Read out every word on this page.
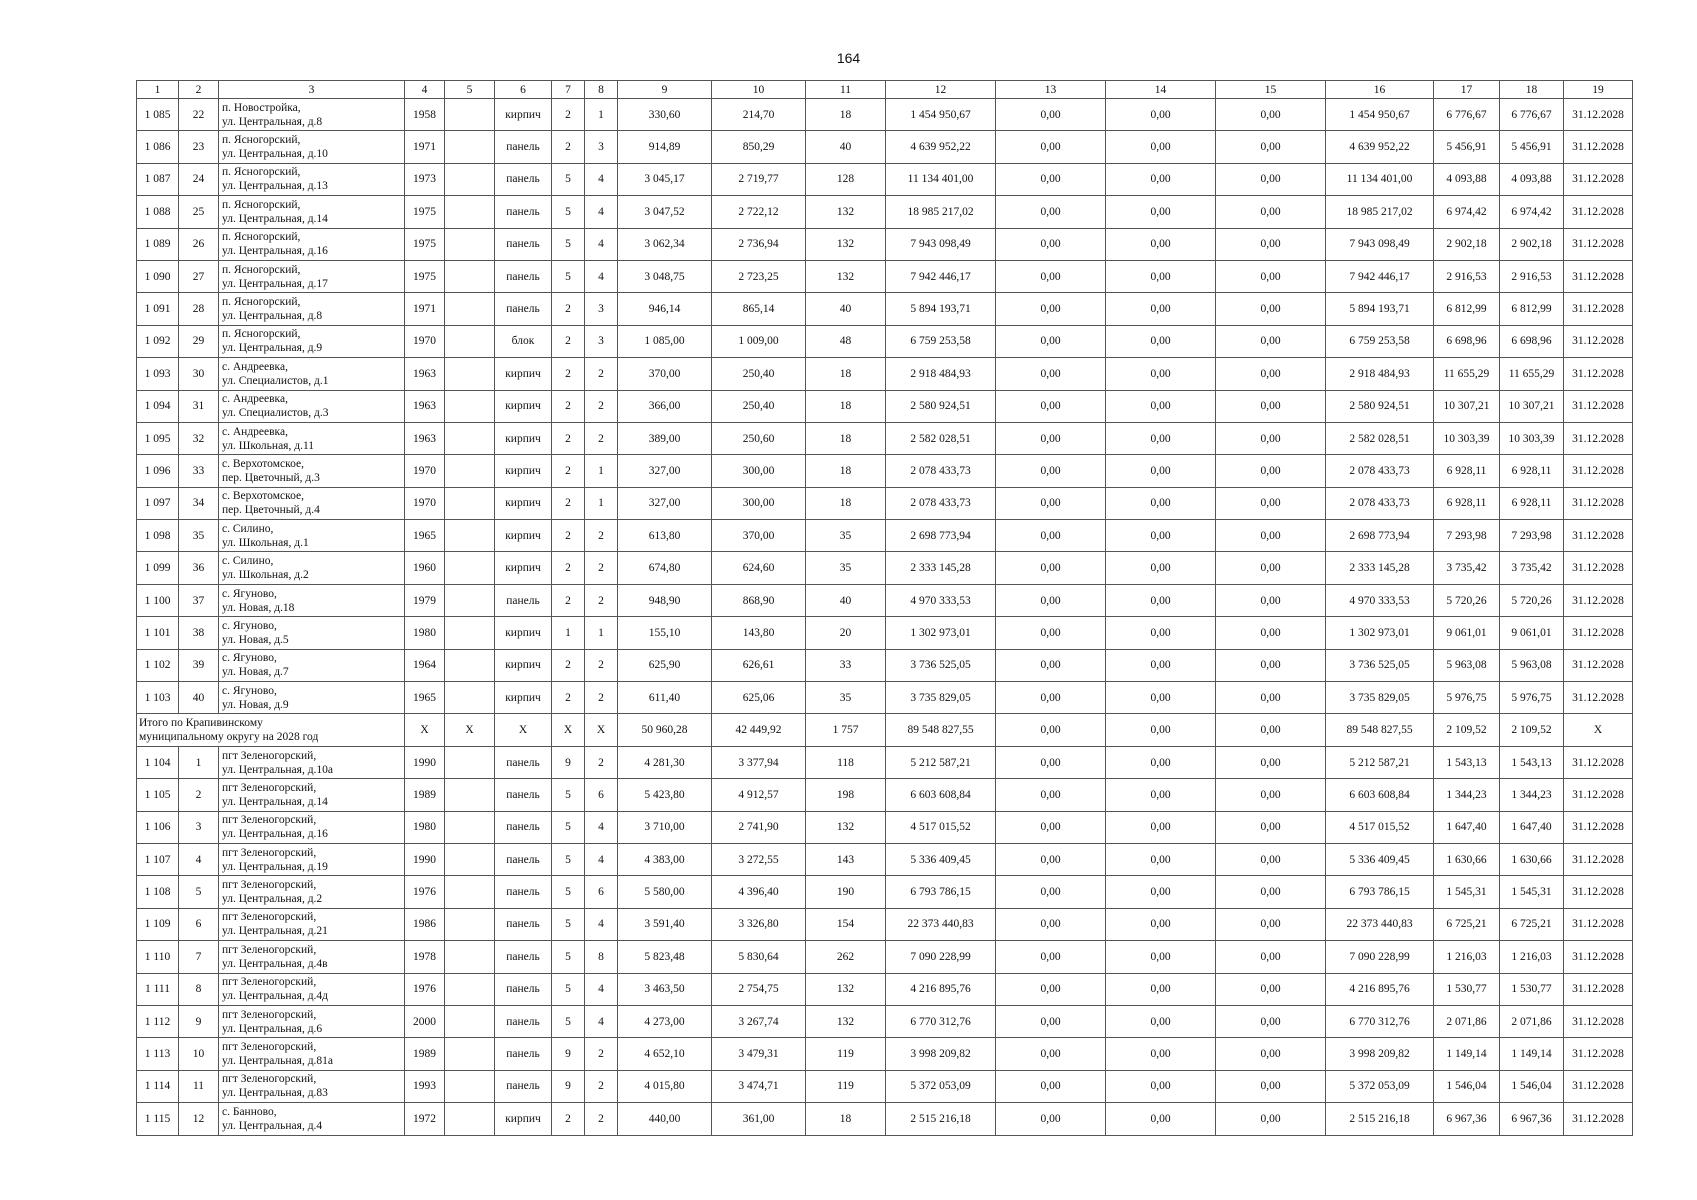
164
1	2	3	4	5	6	7	8	9	10	11	12	13	14	15	16	17	18	19
1 085	22	п. Новостройка,
ул. Центральная, д.8	1958		кирпич	2	1	330,60	214,70	18	1 454 950,67	0,00	0,00	0,00	1 454 950,67	6 776,67	6 776,67	31.12.2028
1 086	23	п. Ясногорский,
ул. Центральная, д.10	1971		панель	2	3	914,89	850,29	40	4 639 952,22	0,00	0,00	0,00	4 639 952,22	5 456,91	5 456,91	31.12.2028
1 087	24	п. Ясногорский,
ул. Центральная, д.13	1973		панель	5	4	3 045,17	2 719,77	128	11 134 401,00	0,00	0,00	0,00	11 134 401,00	4 093,88	4 093,88	31.12.2028
1 088	25	п. Ясногорский,
ул. Центральная, д.14	1975		панель	5	4	3 047,52	2 722,12	132	18 985 217,02	0,00	0,00	0,00	18 985 217,02	6 974,42	6 974,42	31.12.2028
1 089	26	п. Ясногорский,
ул. Центральная, д.16	1975		панель	5	4	3 062,34	2 736,94	132	7 943 098,49	0,00	0,00	0,00	7 943 098,49	2 902,18	2 902,18	31.12.2028
1 090	27	п. Ясногорский,
ул. Центральная, д.17	1975		панель	5	4	3 048,75	2 723,25	132	7 942 446,17	0,00	0,00	0,00	7 942 446,17	2 916,53	2 916,53	31.12.2028
1 091	28	п. Ясногорский,
ул. Центральная, д.8	1971		панель	2	3	946,14	865,14	40	5 894 193,71	0,00	0,00	0,00	5 894 193,71	6 812,99	6 812,99	31.12.2028
1 092	29	п. Ясногорский,
ул. Центральная, д.9	1970		блок	2	3	1 085,00	1 009,00	48	6 759 253,58	0,00	0,00	0,00	6 759 253,58	6 698,96	6 698,96	31.12.2028
1 093	30	с. Андреевка,
ул. Специалистов, д.1	1963		кирпич	2	2	370,00	250,40	18	2 918 484,93	0,00	0,00	0,00	2 918 484,93	11 655,29	11 655,29	31.12.2028
1 094	31	с. Андреевка,
ул. Специалистов, д.3	1963		кирпич	2	2	366,00	250,40	18	2 580 924,51	0,00	0,00	0,00	2 580 924,51	10 307,21	10 307,21	31.12.2028
1 095	32	с. Андреевка,
ул. Школьная, д.11	1963		кирпич	2	2	389,00	250,60	18	2 582 028,51	0,00	0,00	0,00	2 582 028,51	10 303,39	10 303,39	31.12.2028
1 096	33	с. Верхотомское,
пер. Цветочный, д.3	1970		кирпич	2	1	327,00	300,00	18	2 078 433,73	0,00	0,00	0,00	2 078 433,73	6 928,11	6 928,11	31.12.2028
1 097	34	с. Верхотомское,
пер. Цветочный, д.4	1970		кирпич	2	1	327,00	300,00	18	2 078 433,73	0,00	0,00	0,00	2 078 433,73	6 928,11	6 928,11	31.12.2028
1 098	35	с. Силино,
ул. Школьная, д.1	1965		кирпич	2	2	613,80	370,00	35	2 698 773,94	0,00	0,00	0,00	2 698 773,94	7 293,98	7 293,98	31.12.2028
1 099	36	с. Силино,
ул. Школьная, д.2	1960		кирпич	2	2	674,80	624,60	35	2 333 145,28	0,00	0,00	0,00	2 333 145,28	3 735,42	3 735,42	31.12.2028
1 100	37	с. Ягуново,
ул. Новая, д.18	1979		панель	2	2	948,90	868,90	40	4 970 333,53	0,00	0,00	0,00	4 970 333,53	5 720,26	5 720,26	31.12.2028
1 101	38	с. Ягуново,
ул. Новая, д.5	1980		кирпич	1	1	155,10	143,80	20	1 302 973,01	0,00	0,00	0,00	1 302 973,01	9 061,01	9 061,01	31.12.2028
1 102	39	с. Ягуново,
ул. Новая, д.7	1964		кирпич	2	2	625,90	626,61	33	3 736 525,05	0,00	0,00	0,00	3 736 525,05	5 963,08	5 963,08	31.12.2028
1 103	40	с. Ягуново,
ул. Новая, д.9	1965		кирпич	2	2	611,40	625,06	35	3 735 829,05	0,00	0,00	0,00	3 735 829,05	5 976,75	5 976,75	31.12.2028

Итого по Крапивинскому
муниципальному округу на 2028 год			X	X	X	X	X	50 960,28	42 449,92	1 757	89 548 827,55	0,00	0,00	0,00	89 548 827,55	2 109,52	2 109,52	X
1 104	1	пгт Зеленогорский,
ул. Центральная, д.10а	1990		панель	9	2	4 281,30	3 377,94	118	5 212 587,21	0,00	0,00	0,00	5 212 587,21	1 543,13	1 543,13	31.12.2028
1 105	2	пгт Зеленогорский,
ул. Центральная, д.14	1989		панель	5	6	5 423,80	4 912,57	198	6 603 608,84	0,00	0,00	0,00	6 603 608,84	1 344,23	1 344,23	31.12.2028
1 106	3	пгт Зеленогорский,
ул. Центральная, д.16	1980		панель	5	4	3 710,00	2 741,90	132	4 517 015,52	0,00	0,00	0,00	4 517 015,52	1 647,40	1 647,40	31.12.2028
1 107	4	пгт Зеленогорский,
ул. Центральная, д.19	1990		панель	5	4	4 383,00	3 272,55	143	5 336 409,45	0,00	0,00	0,00	5 336 409,45	1 630,66	1 630,66	31.12.2028
1 108	5	пгт Зеленогорский,
ул. Центральная, д.2	1976		панель	5	6	5 580,00	4 396,40	190	6 793 786,15	0,00	0,00	0,00	6 793 786,15	1 545,31	1 545,31	31.12.2028
1 109	6	пгт Зеленогорский,
ул. Центральная, д.21	1986		панель	5	4	3 591,40	3 326,80	154	22 373 440,83	0,00	0,00	0,00	22 373 440,83	6 725,21	6 725,21	31.12.2028
1 110	7	пгт Зеленогорский,
ул. Центральная, д.4в	1978		панель	5	8	5 823,48	5 830,64	262	7 090 228,99	0,00	0,00	0,00	7 090 228,99	1 216,03	1 216,03	31.12.2028
1 111	8	пгт Зеленогорский,
ул. Центральная, д.4д	1976		панель	5	4	3 463,50	2 754,75	132	4 216 895,76	0,00	0,00	0,00	4 216 895,76	1 530,77	1 530,77	31.12.2028
1 112	9	пгт Зеленогорский,
ул. Центральная, д.6	2000		панель	5	4	4 273,00	3 267,74	132	6 770 312,76	0,00	0,00	0,00	6 770 312,76	2 071,86	2 071,86	31.12.2028
1 113	10	пгт Зеленогорский,
ул. Центральная, д.81а	1989		панель	9	2	4 652,10	3 479,31	119	3 998 209,82	0,00	0,00	0,00	3 998 209,82	1 149,14	1 149,14	31.12.2028
1 114	11	пгт Зеленогорский,
ул. Центральная, д.83	1993		панель	9	2	4 015,80	3 474,71	119	5 372 053,09	0,00	0,00	0,00	5 372 053,09	1 546,04	1 546,04	31.12.2028
1 115	12	с. Банново,
ул. Центральная, д.4	1972		кирпич	2	2	440,00	361,00	18	2 515 216,18	0,00	0,00	0,00	2 515 216,18	6 967,36	6 967,36	31.12.2028
